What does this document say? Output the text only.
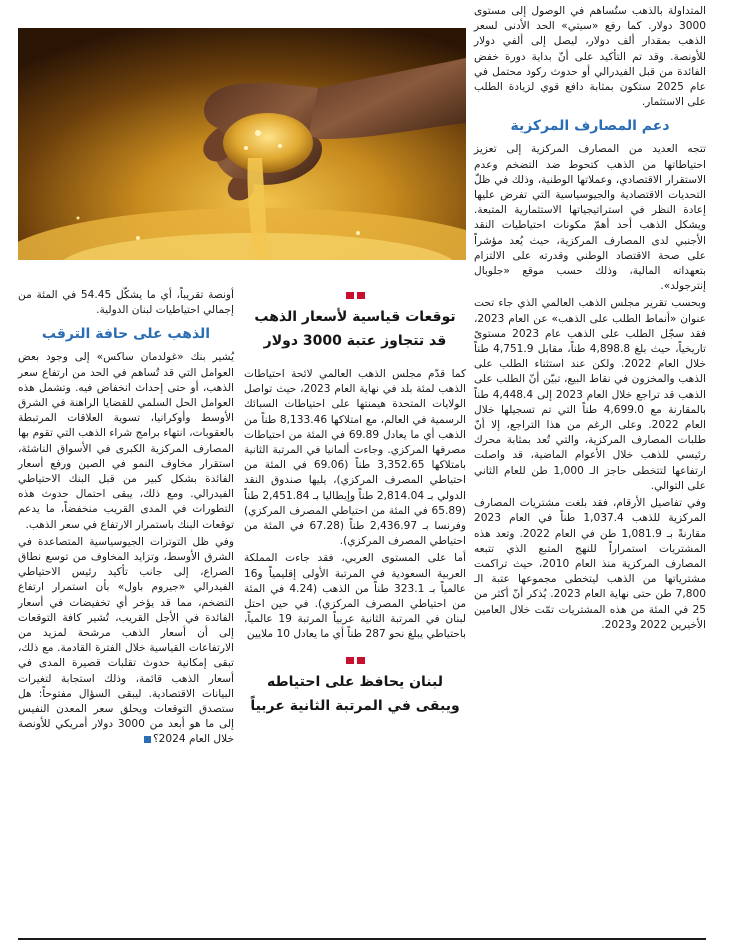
المتداولة بالذهب ستُساهم في الوصول إلى مستوى 3000 دولار. كما رفع «سيتي» الحد الأدنى لسعر الذهب بمقدار ألف دولار، ليصل إلى ألفي دولار للأونصة. وقد تم التأكيد على أنّ بداية دورة خفض الفائدة من قبل الفيدرالي أو حدوث ركود محتمل في عام 2025 ستكون بمثابة دافع قوي لزيادة الطلب على الاستثمار.

دعم المصارف المركزية

تتجه العديد من المصارف المركزية إلى تعزيز احتياطاتها من الذهب كتحوط ضد التضخم وعدم الاستقرار الاقتصادي، وعملاتها الوطنية، وذلك في ظلّ التحديات الاقتصادية والجيوسياسية التي تفرض عليها إعادة النظر في استراتيجياتها الاستثمارية المتبعة. ويشكل الذهب أحد أهمّ مكونات احتياطيات النقد الأجنبي لدى المصارف المركزية، حيث يُعد مؤشراً على صحة الاقتصاد الوطني وقدرته على الالتزام بتعهداته المالية، وذلك حسب موقع «جلوبال إنترجولد».

وبحسب تقرير مجلس الذهب العالمي الذي جاء تحت عنوان «أنماط الطلب على الذهب» عن العام 2023، فقد سجّل الطلب على الذهب عام 2023 مستوىً تاريخياً، حيث بلغ 4,898.8 طناً، مقابل 4,751.9 طناً خلال العام 2022. ولكن عند استثناء الطلب على الذهب والمخزون في نقاط البيع، تبيّن أنّ الطلب على الذهب قد تراجع خلال العام 2023 إلى 4,448.4 طناً بالمقارنة مع 4,699.0 طناً التي تم تسجيلها خلال العام 2022. وعلى الرغم من هذا التراجع، إلا أنّ طلبات المصارف المركزية، والتي تُعد بمثابة محرك رئيسي للذهب خلال الأعوام الماضية، قد واصلت ارتفاعها لتتخطى حاجز الـ 1,000 طن للعام الثاني على التوالي.

وفي تفاصيل الأرقام، فقد بلغت مشتريات المصارف المركزية للذهب 1,037.4 طناً في العام 2023 مقارنةً بـ 1,081.9 طن في العام 2022. وتعد هذه المشتريات استمراراً للنهج المتبع الذي تتبعه المصارف المركزية منذ العام 2010، حيث تراكمت مشترياتها من الذهب ليتخطى مجموعها عتبة الـ 7,800 طن حتى نهاية العام 2023. يُذكر أنّ أكثر من 25 في المئة من هذه المشتريات تمّت خلال العامين الأخيرين 2022 و2023.

توقعات قياسية لأسعار الذهب قد تتجاوز عتبة 3000 دولار

كما قدّم مجلس الذهب العالمي لائحة احتياطات الذهب لمئة بلد في نهاية العام 2023، حيث تواصل الولايات المتحدة هيمنتها على احتياطات السبائك الرسمية في العالم، مع امتلاكها 8,133.46 طناً من الذهب أي ما يعادل 69.89 في المئة من احتياطات مصرفها المركزي. وجاءت ألمانيا في المرتبة الثانية بامتلاكها 3,352.65 طناً (69.06 في المئة من احتياطي المصرف المركزي)، يليها صندوق النقد الدولي بـ 2,814.04 طناً وإيطاليا بـ 2,451.84 طناً (65.89 في المئة من احتياطي المصرف المركزي) وفرنسا بـ 2,436.97 طناً (67.28 في المئة من احتياطي المصرف المركزي).

أما على المستوى العربي، فقد جاءت المملكة العربية السعودية في المرتبة الأولى إقليمياً و16 عالمياً بـ 323.1 طناً من الذهب (4.24 في المئة من احتياطي المصرف المركزي). في حين احتل لبنان في المرتبة الثانية عربياً المرتبة 19 عالمياً، باحتياطي يبلغ نحو 287 طناً أي ما يعادل 10 ملايين

لبنان يحافظ على احتياطه ويبقى في المرتبة الثانية عربياً

أونصة تقريباً، أي ما يشكّل 54.45 في المئة من إجمالي احتياطيات لبنان الدولية.

الذهب على حافة الترقب

يُشير بنك «غولدمان ساكس» إلى وجود بعض العوامل التي قد تُساهم في الحد من ارتفاع سعر الذهب، أو حتى إحداث انخفاض فيه. وتشمل هذه العوامل الحل السلمي للقضايا الراهنة في الشرق الأوسط وأوكرانيا، تسوية العلاقات المرتبطة بالعقوبات، انتهاء برامج شراء الذهب التي تقوم بها المصارف المركزية الكبرى في الأسواق الناشئة، استقرار مخاوف النمو في الصين ورفع أسعار الفائدة بشكل كبير من قبل البنك الاحتياطي الفيدرالي. ومع ذلك، يبقى احتمال حدوث هذه التطورات في المدى القريب منخفضاً، ما يدعم توقعات البنك باستمرار الارتفاع في سعر الذهب.

وفي ظل التوترات الجيوسياسية المتصاعدة في الشرق الأوسط، وتزايد المخاوف من توسع نطاق الصراع، إلى جانب تأكيد رئيس الاحتياطي الفيدرالي «جيروم باول» بأن استمرار ارتفاع التضخم، مما قد يؤخر أي تخفيضات في أسعار الفائدة في الأجل القريب، تُشير كافة التوقعات إلى أن أسعار الذهب مرشحة لمزيد من الارتفاعات القياسية خلال الفترة القادمة. مع ذلك، تبقى إمكانية حدوث تقلبات قصيرة المدى في أسعار الذهب قائمة، وذلك استجابة لتغيرات البيانات الاقتصادية. ليبقى السؤال مفتوحاً: هل ستصدق التوقعات ويحلق سعر المعدن النفيس إلى ما هو أبعد من 3000 دولار أمريكي للأونصة خلال العام 2024؟
